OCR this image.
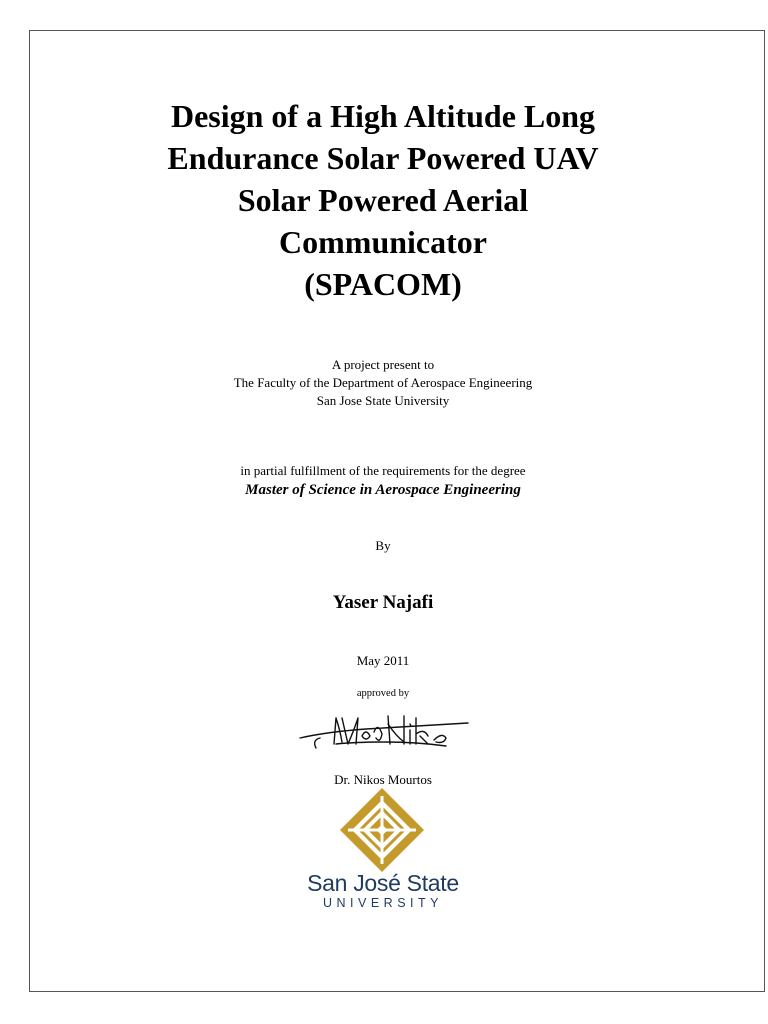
Design of a High Altitude Long
Endurance Solar Powered UAV
Solar Powered Aerial
Communicator
(SPACOM)
A project present to
The Faculty of the Department of Aerospace Engineering
San Jose State University
in partial fulfillment of the requirements for the degree
Master of Science in Aerospace Engineering
By
Yaser Najafi
May 2011
approved by
Dr. Nikos Mourtos
San José State
UNIVERSITY
